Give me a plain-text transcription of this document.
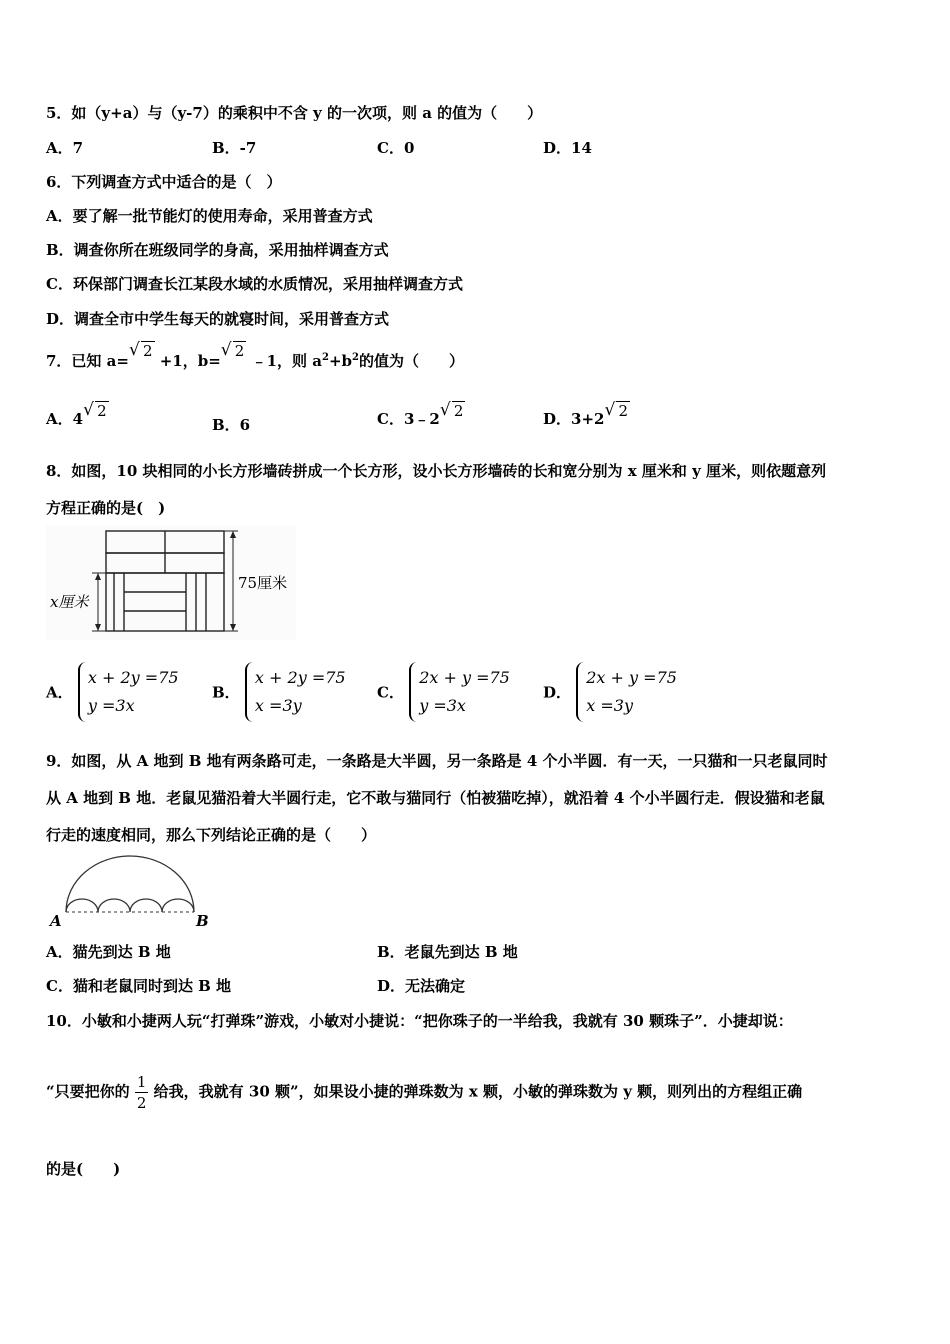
5．如（y+a）与（y-7）的乘积中不含 y 的一次项，则 a 的值为（　　）
A．7	B．-7	C．0	D．14
6．下列调查方式中适合的是（　）
A．要了解一批节能灯的使用寿命，采用普查方式
B．调查你所在班级同学的身高，采用抽样调查方式
C．环保部门调查长江某段水域的水质情况，采用抽样调查方式
D．调查全市中学生每天的就寝时间，采用普查方式
7．已知 a=√ 2 +1，b=√ 2 ﹣1，则 $a^2+b^2$的值为（　　）
A．4 √ 2
B．6	C．3﹣2 √ 2	D．3+2 √ 2
8．如图，10 块相同的小长方形墙砖拼成一个长方形，设小长方形墙砖的长和宽分别为 x 厘米和 y 厘米，则依题意列
方程正确的是(　)
x厘米
75厘米
A． x + 2y =75
y =3x
B． x + 2y =75
x =3y
C． 2x + y =75
y =3x
D． 2x + y =75
x =3y
9．如图，从 A 地到 B 地有两条路可走，一条路是大半圆，另一条路是 4 个小半圆．有一天，一只猫和一只老鼠同时
从 A 地到 B 地．老鼠见猫沿着大半圆行走，它不敢与猫同行（怕被猫吃掉），就沿着 4 个小半圆行走．假设猫和老鼠
行走的速度相同，那么下列结论正确的是（　　）
A	B
A．猫先到达 B 地	B．老鼠先到达 B 地
C．猫和老鼠同时到达 B 地	D．无法确定
10．小敏和小捷两人玩“打弹珠”游戏，小敏对小捷说：“把你珠子的一半给我，我就有 30 颗珠子”．小捷却说：
“只要把你的 $\frac{1}{2}$ 给我，我就有 30 颗”，如果设小捷的弹珠数为 x 颗，小敏的弹珠数为 y 颗，则列出的方程组正确
的是(　　)
